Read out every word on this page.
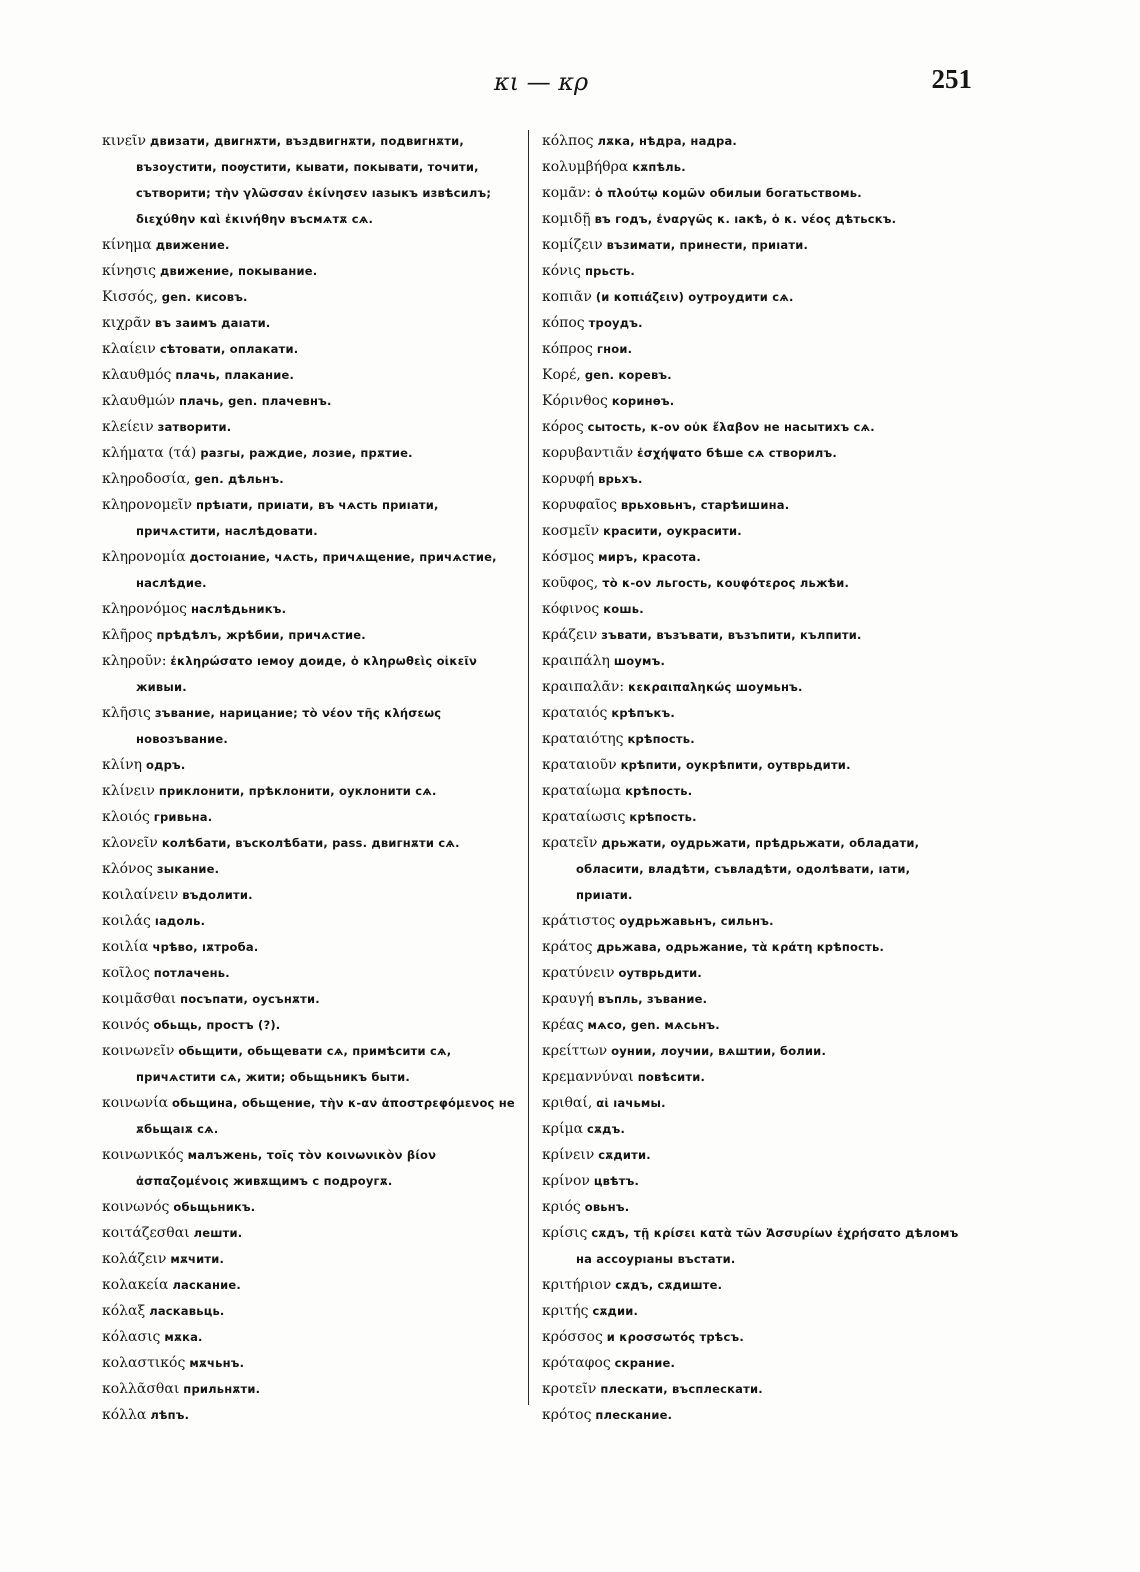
κι — κρ	251

κινεῖν двизати, двигнѫти, въздвигнѫти, подвигнѫти, възоустити, поѹстити, кывати, покывати, точити, сътворити; τὴν γλῶσσαν ἐκίνησεν ıазыкъ извѣсилъ; διεχύθην καὶ ἐκινήθην въсмѧтѫ сѧ.

κίνημα движение.

κίνησις движение, покывание.

Κισσός, gen. кисовъ.

κιχρᾶν въ заимъ даıати.

κλαίειν сѣтовати, оплакати.

κλαυθμός плачь, плакание.

κλαυθμών плачь, gen. плачевнъ.

κλείειν затворити.

κλήματα (τά) разгы, раждие, лозие, прѫтие.

κληροδοσία, gen. дѣльнъ.

κληρονομεῖν прѣıати, приıати, въ чѧсть приıати, причѧстити, наслѣдовати.

κληρονομία достоıание, чѧсть, причѧщение, причѧстие, наслѣдие.

κληρονόμος наслѣдьникъ.

κλῆρος прѣдѣлъ, жрѣбии, причѧстие.

κληροῦν: ἐκληρώσατο ıемоу доиде, ὁ κληρωθεὶς οἰκεῖν живыи.

κλῆσις зъвание, нарицание; τὸ νέον τῆς κλήσεως новозъвание.

κλίνη одръ.

κλίνειν приклонити, прѣклонити, оуклонити сѧ.

κλοιός гривьна.

κλονεῖν колѣбати, въсколѣбати, pass. двигнѫти сѧ.

κλόνος зыкание.

κοιλαίνειν въдолити.

κοιλάς ıадоль.

κοιλία чрѣво, ıѫтроба.

κοῖλος потлачень.

κοιμᾶσθαι посъпати, оусънѫти.

κοινός обьщь, простъ (?).

κοινωνεῖν обьщити, обьщевати сѧ, примѣсити сѧ, причѧстити сѧ, жити; обьщьникъ быти.

κοινωνία обьщина, обьщение, τὴν κ-αν ἀποστρεφόμενος не ѫбьщаıѫ сѧ.

κοινωνικός малъжень, τοῖς τὸν κοινωνικὸν βίον ἀσπαζομένοις живѫщимъ с подроугѫ.

κοινωνός обьщьникъ.

κοιτάζεσθαι лешти.

κολάζειν мѫчити.

κολακεία ласкание.

κόλαξ ласкавьць.

κόλασις мѫка.

κολαστικός мѫчьнъ.

κολλᾶσθαι прильнѫти.

κόλλα лѣпъ.

κόλπος лѫка, нѣдра, надра.

κολυμβήθρα кѫпѣль.

κομᾶν: ὁ πλούτῳ κομῶν обилыи богатьствомь.

κομιδῇ въ годъ, ἐναργῶς κ. ıакѣ, ὁ κ. νέος дѣтьскъ.

κομίζειν възимати, принести, приıати.

κόνις прьсть.

κοπιᾶν (и κοπιάζειν) оутроудити сѧ.

κόπος троудъ.

κόπρος гнои.

Κορέ, gen. коревъ.

Κόρινθος коринѳъ.

κόρος сытость, κ-ον οὐκ ἔλαβον не насытихъ сѧ.

κορυβαντιᾶν ἐσχήψατο бѣше сѧ створилъ.

κορυφή врьхъ.

κορυφαῖος врьховьнъ, старѣишина.

κοσμεῖν красити, оукрасити.

κόσμος миръ, красота.

κοῦφος, τὸ κ-ον льгость, κουφότερος льжѣи.

κόφινος кошь.

κράζειν зъвати, възъвати, възъпити, кълпити.

κραιπάλη шоумъ.

κραιπαλᾶν: κεκραιπαληκώς шоумьнъ.

κραταιός крѣпъкъ.

κραταιότης крѣпость.

κραταιοῦν крѣпити, оукрѣпити, оутврьдити.

κραταίωμα крѣпость.

κραταίωσις крѣпость.

κρατεῖν дрьжати, оудрьжати, прѣдрьжати, обладати, обласити, владѣти, съвладѣти, одолѣвати, ıати, приıати.

κράτιστος оудрьжавьнъ, сильнъ.

κράτος дрьжава, одрьжание, τὰ κράτη крѣпость.

κρατύνειν оутврьдити.

κραυγή въпль, зъвание.

κρέας мѧсо, gen. мѧсьнъ.

κρείττων оунии, лоучии, вѧштии, болии.

κρεμαννύναι повѣсити.

κριθαί, αἱ ıачьмы.

κρίμα сѫдъ.

κρίνειν сѫдити.

κρίνον цвѣтъ.

κριός овьнъ.

κρίσις сѫдъ, τῇ κρίσει κατὰ τῶν Ἀσσυρίων ἐχρήσατο дѣломъ на ассоурıаны въстати.

κριτήριον сѫдъ, сѫдиште.

κριτής сѫдии.

κρόσσος и κροσσωτός трѣсъ.

κρόταφος скрание.

κροτεῖν плескати, въсплескати.

κρότος плескание.
